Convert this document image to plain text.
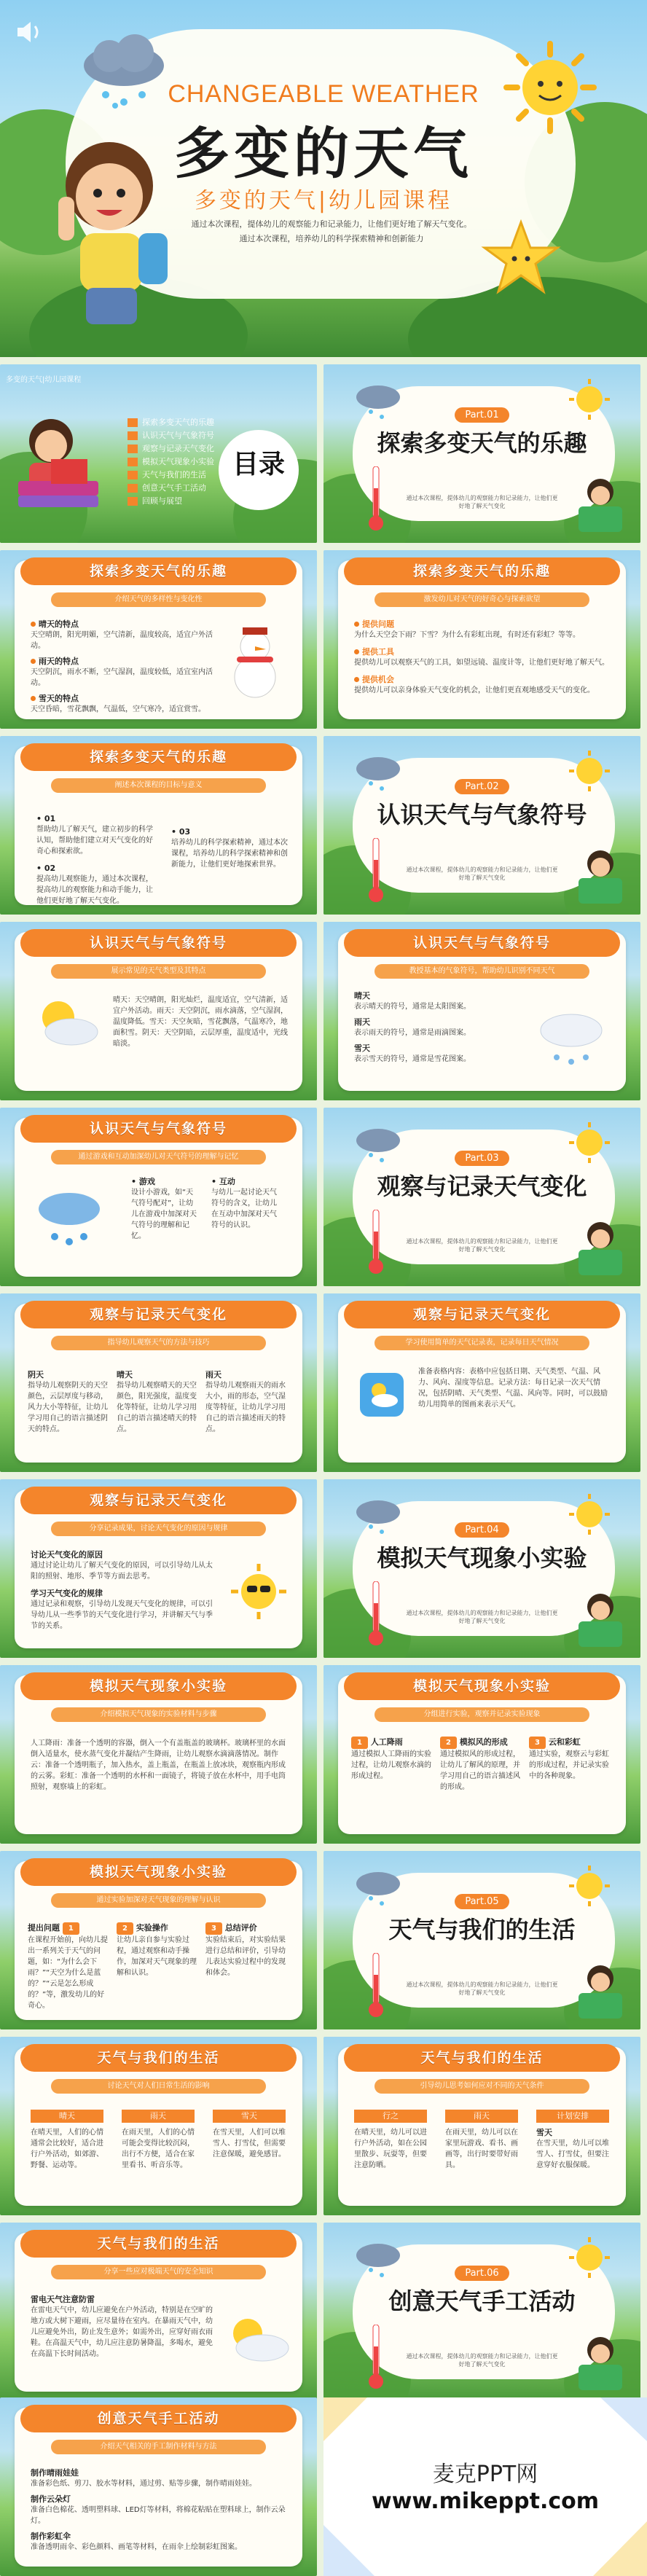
CHANGEABLE WEATHER
多变的天气
多变的天气|幼儿园课程
通过本次课程，提体幼儿的观察能力和记录能力，让他们更好地了解天气变化。通过本次课程，培养幼儿的科学探索精神和创新能力
多变的天气|幼儿园课程
目录
探索多变天气的乐趣
认识天气与气象符号
观察与记录天气变化
模拟天气现象小实验
天气与我们的生活
创意天气手工活动
回顾与展望
Part.01
探索多变天气的乐趣
通过本次课程，提体幼儿的观察能力和记录能力，让他们更好地了解天气变化
探索多变天气的乐趣
介绍天气的多样性与变化性
晴天的特点
天空晴朗，阳光明媚，空气清新，温度较高，适宜户外活动。
雨天的特点
天空阴沉，雨水不断，空气湿润，温度较低，适宜室内活动。
雪天的特点
天空昏暗，雪花飘飘，气温低，空气寒冷，适宜赏雪。
探索多变天气的乐趣
激发幼儿对天气的好奇心与探索欲望
提供问题
为什么天空会下雨？下雪？为什么有彩虹出现，有时还有彩虹？等等。
提供工具
提供幼儿可以观察天气的工具，如望远镜、温度计等，让他们更好地了解天气。
提供机会
提供幼儿可以亲身体验天气变化的机会，让他们更直观地感受天气的变化。
探索多变天气的乐趣
阐述本次课程的目标与意义
• 01
帮助幼儿了解天气，建立初步的科学认知，帮助他们建立对天气变化的好奇心和探索欲。
• 02
提高幼儿观察能力，通过本次课程，提高幼儿的观察能力和动手能力，让他们更好地了解天气变化。
• 03
培养幼儿的科学探索精神，通过本次课程，培养幼儿的科学探索精神和创新能力，让他们更好地探索世界。
Part.02
认识天气与气象符号
通过本次课程，提体幼儿的观察能力和记录能力，让他们更好地了解天气变化
认识天气与气象符号
展示常见的天气类型及其特点
晴天：天空晴朗，阳光灿烂，温度适宜，空气清新，适宜户外活动。雨天：天空阴沉，雨水滴落，空气湿润，温度降低。雪天：天空灰暗，雪花飘落，气温寒冷，地面积雪。阴天：天空阴暗，云层厚重，温度适中，光线暗淡。
认识天气与气象符号
教授基本的气象符号，帮助幼儿识别不同天气
晴天
表示晴天的符号，通常是太阳图案。
雨天
表示雨天的符号，通常是雨滴图案。
雪天
表示雪天的符号，通常是雪花图案。
认识天气与气象符号
通过游戏和互动加深幼儿对天气符号的理解与记忆
• 游戏
设计小游戏，如“天气符号配对”，让幼儿在游戏中加深对天气符号的理解和记忆。
• 互动
与幼儿一起讨论天气符号的含义，让幼儿在互动中加深对天气符号的认识。
Part.03
观察与记录天气变化
通过本次课程，提体幼儿的观察能力和记录能力，让他们更好地了解天气变化
观察与记录天气变化
指导幼儿观察天气的方法与技巧
阴天
指导幼儿观察阴天的天空颜色，云层厚度与移动，风力大小等特征，让幼儿学习用自己的语言描述阴天的特点。
晴天
指导幼儿观察晴天的天空颜色，阳光强度，温度变化等特征，让幼儿学习用自己的语言描述晴天的特点。
雨天
指导幼儿观察雨天的雨水大小，雨的形态，空气湿度等特征，让幼儿学习用自己的语言描述雨天的特点。
观察与记录天气变化
学习使用简单的天气记录表，记录每日天气情况
准备表格内容：表格中应包括日期、天气类型、气温、风力、风向、湿度等信息。记录方法：每日记录一次天气情况，包括阴晴、天气类型、气温、风向等。同时，可以鼓励幼儿用简单的图画来表示天气。
观察与记录天气变化
分享记录成果，讨论天气变化的原因与规律
讨论天气变化的原因
通过讨论让幼儿了解天气变化的原因，可以引导幼儿从太阳的照射、地形、季节等方面去思考。
学习天气变化的规律
通过记录和观察，引导幼儿发现天气变化的规律，可以引导幼儿从一些季节的天气变化进行学习，并讲解天气与季节的关系。
Part.04
模拟天气现象小实验
通过本次课程，提体幼儿的观察能力和记录能力，让他们更好地了解天气变化
模拟天气现象小实验
介绍模拟天气现象的实验材料与步骤
人工降雨：准备一个透明的容器，倒入一个有盖瓶盖的玻璃杯。玻璃杯里的水面倒入适量水，使水蒸气变化并凝结产生降雨，让幼儿观察水滴滴落情况。制作云：准备一个透明瓶子，加入热水，盖上瓶盖，在瓶盖上放冰块，观察瓶内形成的云雾。彩虹：准备一个透明的水杯和一面镜子，将镜子放在水杯中，用手电筒照射，观察墙上的彩虹。
模拟天气现象小实验
分组进行实验，观察并记录实验现象
1 人工降雨
通过模拟人工降雨的实验过程，让幼儿观察水滴的形成过程。
2 模拟风的形成
通过模拟风的形成过程，让幼儿了解风的原理，并学习用自己的语言描述风的形成。
3 云和彩虹
通过实验，观察云与彩虹的形成过程，并记录实验中的各种现象。
模拟天气现象小实验
通过实验加深对天气现象的理解与认识
提出问题 1
在课程开始前，向幼儿提出一系列关于天气的问题，如：“为什么会下雨？”“天空为什么是蓝的？”“云是怎么形成的？”等，激发幼儿的好奇心。
2 实验操作
让幼儿亲自参与实验过程，通过观察和动手操作，加深对天气现象的理解和认识。
3 总结评价
实验结束后，对实验结果进行总结和评价，引导幼儿表达实验过程中的发现和体会。
Part.05
天气与我们的生活
通过本次课程，提体幼儿的观察能力和记录能力，让他们更好地了解天气变化
天气与我们的生活
讨论天气对人们日常生活的影响
晴天	雨天	雪天
在晴天里，人们的心情通常会比较好，适合进行户外活动，如郊游、野餐、运动等。
在雨天里，人们的心情可能会变得比较沉闷，出行不方便，适合在家里看书、听音乐等。
在雪天里，人们可以堆雪人、打雪仗，但需要注意保暖，避免感冒。
天气与我们的生活
引导幼儿思考如何应对不同的天气条件
行之	雨天	计划安排
在晴天里，幼儿可以进行户外活动，如在公园里散步、玩耍等，但要注意防晒。
在雨天里，幼儿可以在家里玩游戏、看书、画画等，出行时要带好雨具。
雪天
在雪天里，幼儿可以堆雪人、打雪仗，但要注意穿好衣服保暖。
天气与我们的生活
分享一些应对极端天气的安全知识
雷电天气注意防雷
在雷电天气中，幼儿应避免在户外活动，特别是在空旷的地方或大树下避雨，应尽量待在室内。在暴雨天气中，幼儿应避免外出，防止发生意外；如需外出，应穿好雨衣雨鞋。在高温天气中，幼儿应注意防暑降温，多喝水，避免在高温下长时间活动。
Part.06
创意天气手工活动
通过本次课程，提体幼儿的观察能力和记录能力，让他们更好地了解天气变化
创意天气手工活动
介绍天气相关的手工制作材料与方法
制作晴雨娃娃
准备彩色纸、剪刀、胶水等材料，通过剪、贴等步骤，制作晴雨娃娃。
制作云朵灯
准备白色棉花、透明塑料球、LED灯等材料，将棉花粘贴在塑料球上，制作云朵灯。
制作彩虹伞
准备透明雨伞、彩色颜料、画笔等材料，在雨伞上绘制彩虹图案。
麦克PPT网
www.mikeppt.com
